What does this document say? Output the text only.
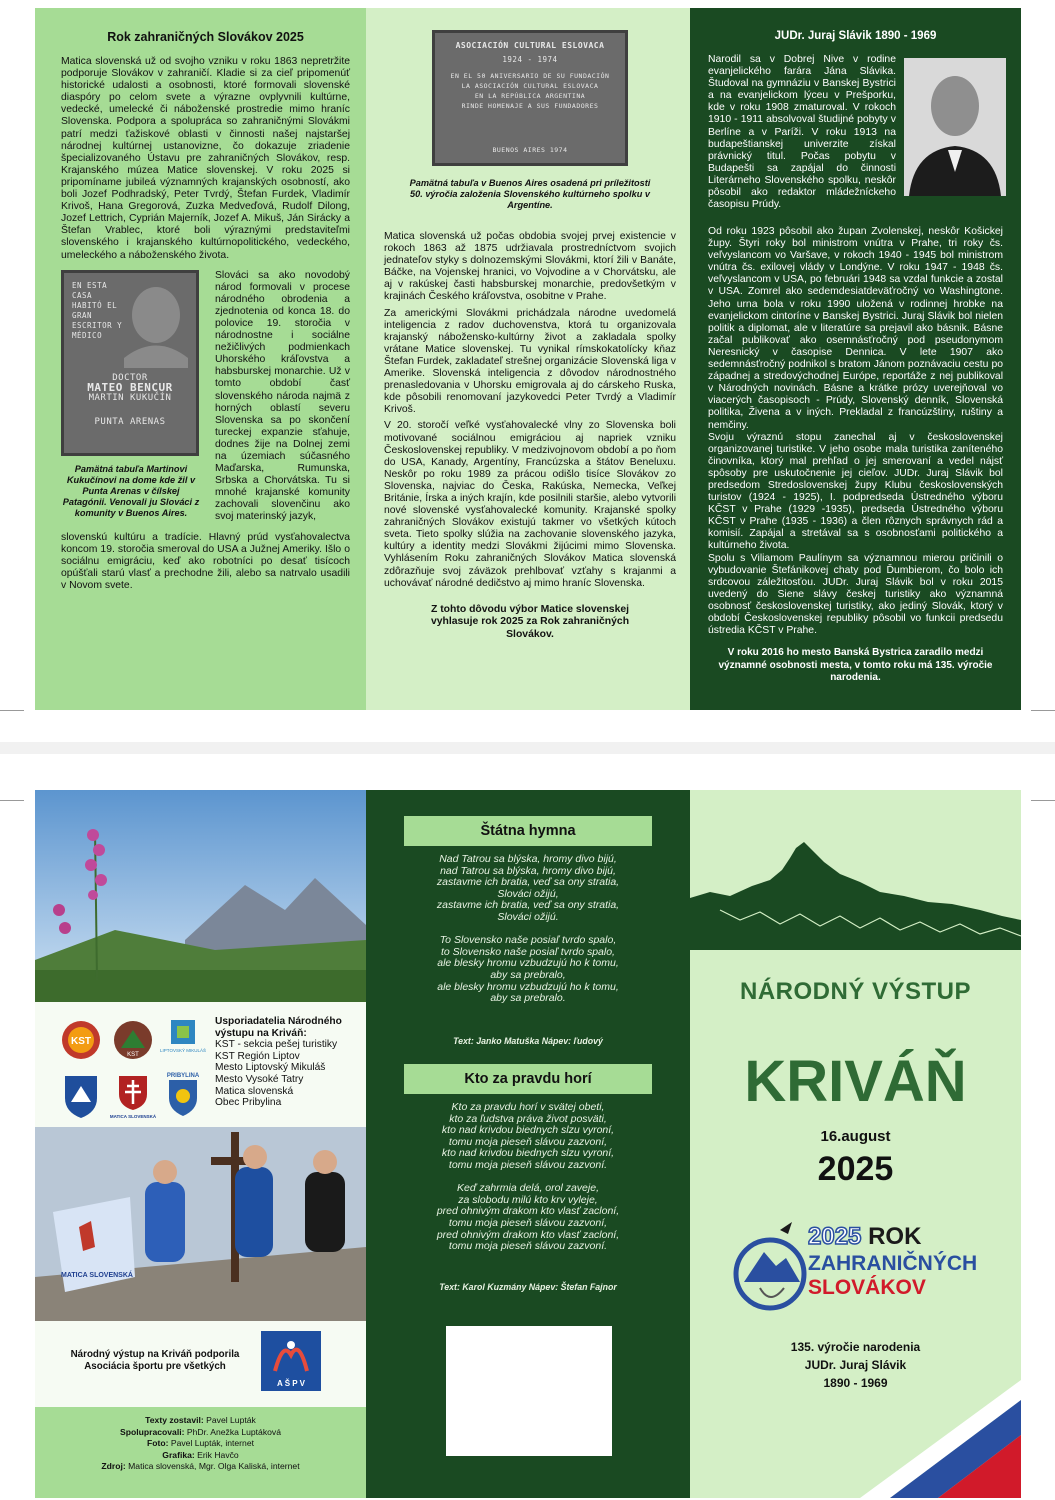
Rok zahraničných Slovákov 2025
Matica slovenská už od svojho vzniku v roku 1863 nepretržite podporuje Slovákov v zahraničí. Kladie si za cieľ pripomenúť historické udalosti a osobnosti, ktoré formovali slovenské diaspóry po celom svete a výrazne ovplyvnili kultúrne, vedecké, umelecké či náboženské prostredie mimo hraníc Slovenska. Podpora a spolupráca so zahraničnými Slovákmi patrí medzi ťažiskové oblasti v činnosti našej najstaršej národnej kultúrnej ustanovizne, čo dokazuje zriadenie špecializovaného Ústavu pre zahraničných Slovákov, resp. Krajanského múzea Matice slovenskej. V roku 2025 si pripomíname jubileá významných krajanských osobností, ako boli Jozef Podhradský, Peter Tvrdý, Štefan Furdek, Vladimír Krivoš, Hana Gregorová, Zuzka Medveďová, Rudolf Dilong, Jozef Lettrich, Cyprián Majerník, Jozef A. Mikuš, Ján Sirácky a Štefan Vrablec, ktoré boli výraznými predstaviteľmi slovenského i krajanského kultúrnopolitického, vedeckého, umeleckého a náboženského života.
EN ESTA CASA
HABITÓ EL GRAN
ESCRITOR Y MÉDICO
DOCTOR
MATEO BENCUR
MARTIN KUKUČÍN
PUNTA ARENAS
Pamätná tabuľa Martinovi Kukučínovi na dome kde žil v Punta Arenas v čílskej Patagónii. Venovali ju Slováci z komunity v Buenos Aires.
Slováci sa ako novodobý národ formovali v procese národného obrodenia a zjednotenia od konca 18. do polovice 19. storočia v národnostne i sociálne nežičlivých podmienkach Uhorského kráľovstva a habsburskej monarchie. Už v tomto období časť slovenského národa najmä z horných oblastí severu Slovenska sa po skončení tureckej expanzie sťahuje, dodnes žije na Dolnej zemi na územiach súčasného Maďarska, Rumunska, Srbska a Chorvátska. Tu si mnohé krajanské komunity zachovali slovenčinu ako svoj materinský jazyk,
slovenskú kultúru a tradície. Hlavný prúd vysťahovalectva koncom 19. storočia smeroval do USA a Južnej Ameriky. Išlo o sociálnu emigráciu, keď ako robotníci po desať tisícoch opúšťali starú vlasť a prechodne žili, alebo sa natrvalo usadili v Novom svete.
ASOCIACIÓN CULTURAL ESLOVACA
1924 - 1974
EN EL 50 ANIVERSARIO DE SU FUNDACIÓN
LA ASOCIACIÓN CULTURAL ESLOVACA
EN LA REPÚBLICA ARGENTINA
RINDE HOMENAJE A SUS FUNDADORES
BUENOS AIRES 1974
Pamätná tabuľa v Buenos Aires osadená pri príležitosti 50. výročia založenia Slovenského kultúrneho spolku v Argentíne.

Matica slovenská už počas obdobia svojej prvej existencie v rokoch 1863 až 1875 udržiavala prostredníctvom svojich jednateľov styky s dolnozemskými Slovákmi, ktorí žili v Banáte, Báčke, na Vojenskej hranici, vo Vojvodine a v Chorvátsku, ale aj v rakúskej časti habsburskej monarchie, predovšetkým v krajinách Českého kráľovstva, osobitne v Prahe.

Za americkými Slovákmi prichádzala národne uvedomelá inteligencia z radov duchovenstva, ktorá tu organizovala krajanský nábožensko-kultúrny život a zakladala spolky vrátane Matice slovenskej. Tu vynikal rímskokatolícky kňaz Štefan Furdek, zakladateľ strešnej organizácie Slovenská liga v Amerike. Slovenská inteligencia z dôvodov národnostného prenasledovania v Uhorsku emigrovala aj do cárskeho Ruska, kde pôsobili renomovaní jazykovedci Peter Tvrdý a Vladimír Krivoš.

V 20. storočí veľké vysťahovalecké vlny zo Slovenska boli motivované sociálnou emigráciou aj napriek vzniku Československej republiky. V medzivojnovom období a po ňom do USA, Kanady, Argentíny, Francúzska a štátov Beneluxu. Neskôr po roku 1989 za prácou odišlo tisíce Slovákov zo Slovenska, najviac do Česka, Rakúska, Nemecka, Veľkej Británie, Írska a iných krajín, kde posilnili staršie, alebo vytvorili nové slovenské vysťahovalecké komunity. Krajanské spolky zahraničných Slovákov existujú takmer vo všetkých kútoch sveta. Tieto spolky slúžia na zachovanie slovenského jazyka, kultúry a identity medzi Slovákmi žijúcimi mimo Slovenska. Vyhlásením Roku zahraničných Slovákov Matica slovenská zdôrazňuje svoj záväzok prehlbovať vzťahy s krajanmi a uchovávať národné dedičstvo aj mimo hraníc Slovenska.

Z tohto dôvodu výbor Matice slovenskej vyhlasuje rok 2025 za Rok zahraničných Slovákov.
JUDr. Juraj Slávik 1890 - 1969
Narodil sa v Dobrej Nive v rodine evanjelického farára Jána Slávika. Študoval na gymnáziu v Banskej Bystrici a na evanjelickom lýceu v Prešporku, kde v roku 1908 zmaturoval. V rokoch 1910 - 1911 absolvoval študijné pobyty v Berlíne a v Paríži. V roku 1913 na budapeštianskej univerzite získal právnický titul. Počas pobytu v Budapešti sa zapájal do činnosti Literárneho Slovenského spolku, neskôr pôsobil ako redaktor mládežníckeho časopisu Prúdy.

Od roku 1923 pôsobil ako župan Zvolenskej, neskôr Košickej župy. Štyri roky bol ministrom vnútra v Prahe, tri roky čs. veľvyslancom vo Varšave, v rokoch 1940 - 1945 bol ministrom vnútra čs. exilovej vlády v Londýne. V roku 1947 - 1948 čs. veľvyslancom v USA, po februári 1948 sa vzdal funkcie a zostal v USA. Zomrel ako sedemdesiatdeväťročný vo Washingtone. Jeho urna bola v roku 1990 uložená v rodinnej hrobke na evanjelickom cintoríne v Banskej Bystrici. Juraj Slávik bol nielen politik a diplomat, ale v literatúre sa prejavil ako básnik. Básne začal publikovať ako osemnásťročný pod pseudonymom Neresnický v časopise Dennica. V lete 1907 ako sedemnásťročný podnikol s bratom Jánom poznávaciu cestu po západnej a stredovýchodnej Európe, reportáže z nej publikoval v Národných novinách. Básne a krátke prózy uverejňoval vo viacerých časopisoch - Prúdy, Slovenský denník, Slovenská politika, Živena a v iných. Prekladal z francúzštiny, ruštiny a nemčiny.

Svoju výraznú stopu zanechal aj v československej organizovanej turistike. V jeho osobe mala turistika zaníteného činovníka, ktorý mal prehľad o jej smerovaní a vedel nájsť spôsoby pre uskutočnenie jej cieľov. JUDr. Juraj Slávik bol predsedom Stredoslovenskej župy Klubu československých turistov (1924 - 1925), I. podpredseda Ústredného výboru KČST v Prahe (1929 -1935), predseda Ústredného výboru KČST v Prahe (1935 - 1936) a člen rôznych správnych rád a komisií. Zapájal a stretával sa s osobnosťami politického a kultúrneho života.

Spolu s Viliamom Paulínym sa významnou mierou pričinili o vybudovanie Štefánikovej chaty pod Ďumbierom, čo bolo ich srdcovou záležitosťou. JUDr. Juraj Slávik bol v roku 2015 uvedený do Siene slávy českej turistiky ako významná osobnosť československej turistiky, ako jediný Slovák, ktorý v období Československej republiky pôsobil vo funkcii predsedu ústredia KČST v Prahe.

V roku 2016 ho mesto Banská Bystrica zaradilo medzi významné osobnosti mesta, v tomto roku má 135. výročie narodenia.
KST
KST
LIPTOVSKÝ MIKULÁŠ
MATICA SLOVENSKÁ
PRIBYLINA
Usporiadatelia Národného výstupu na Kriváň:
KST - sekcia pešej turistiky
KST Región Liptov
Mesto Liptovský Mikuláš
Mesto Vysoké Tatry
Matica slovenská
Obec Pribylina
MATICA SLOVENSKÁ
Národný výstup na Kriváň podporila Asociácia športu pre všetkých
A Š P V
Texty zostavil: Pavel Lupták
Spolupracovali: PhDr. Anežka Luptáková
Foto: Pavel Lupták, internet
Grafika: Erik Havčo
Zdroj: Matica slovenská, Mgr. Olga Kaliská, internet
Štátna hymna
Nad Tatrou sa blýska, hromy divo bijú,
nad Tatrou sa blýska, hromy divo bijú,
zastavme ich bratia, veď sa ony stratia,
Slováci ožijú,
zastavme ich bratia, veď sa ony stratia,
Slováci ožijú.
To Slovensko naše posiaľ tvrdo spalo,
to Slovensko naše posiaľ tvrdo spalo,
ale blesky hromu vzbudzujú ho k tomu,
aby sa prebralo,
ale blesky hromu vzbudzujú ho k tomu,
aby sa prebralo.
Text: Janko Matuška Nápev: ľudový
Kto za pravdu horí
Kto za pravdu horí v svätej obeti,
kto za ľudstva práva život posväti,
kto nad krivdou biednych slzu vyroní,
tomu moja pieseň slávou zazvoní,
kto nad krivdou biednych slzu vyroní,
tomu moja pieseň slávou zazvoní.
Keď zahrmia delá, orol zaveje,
za slobodu milú kto krv vyleje,
pred ohnivým drakom kto vlasť zacloní,
tomu moja pieseň slávou zazvoní,
pred ohnivým drakom kto vlasť zacloní,
tomu moja pieseň slávou zazvoní.
Text: Karol Kuzmány Nápev: Štefan Fajnor
NÁRODNÝ VÝSTUP
KRIVÁŇ
16.august
2025
2025 ROK
ZAHRANIČNÝCH
SLOVÁKOV
135. výročie narodenia
JUDr. Juraj Slávik
1890 - 1969
